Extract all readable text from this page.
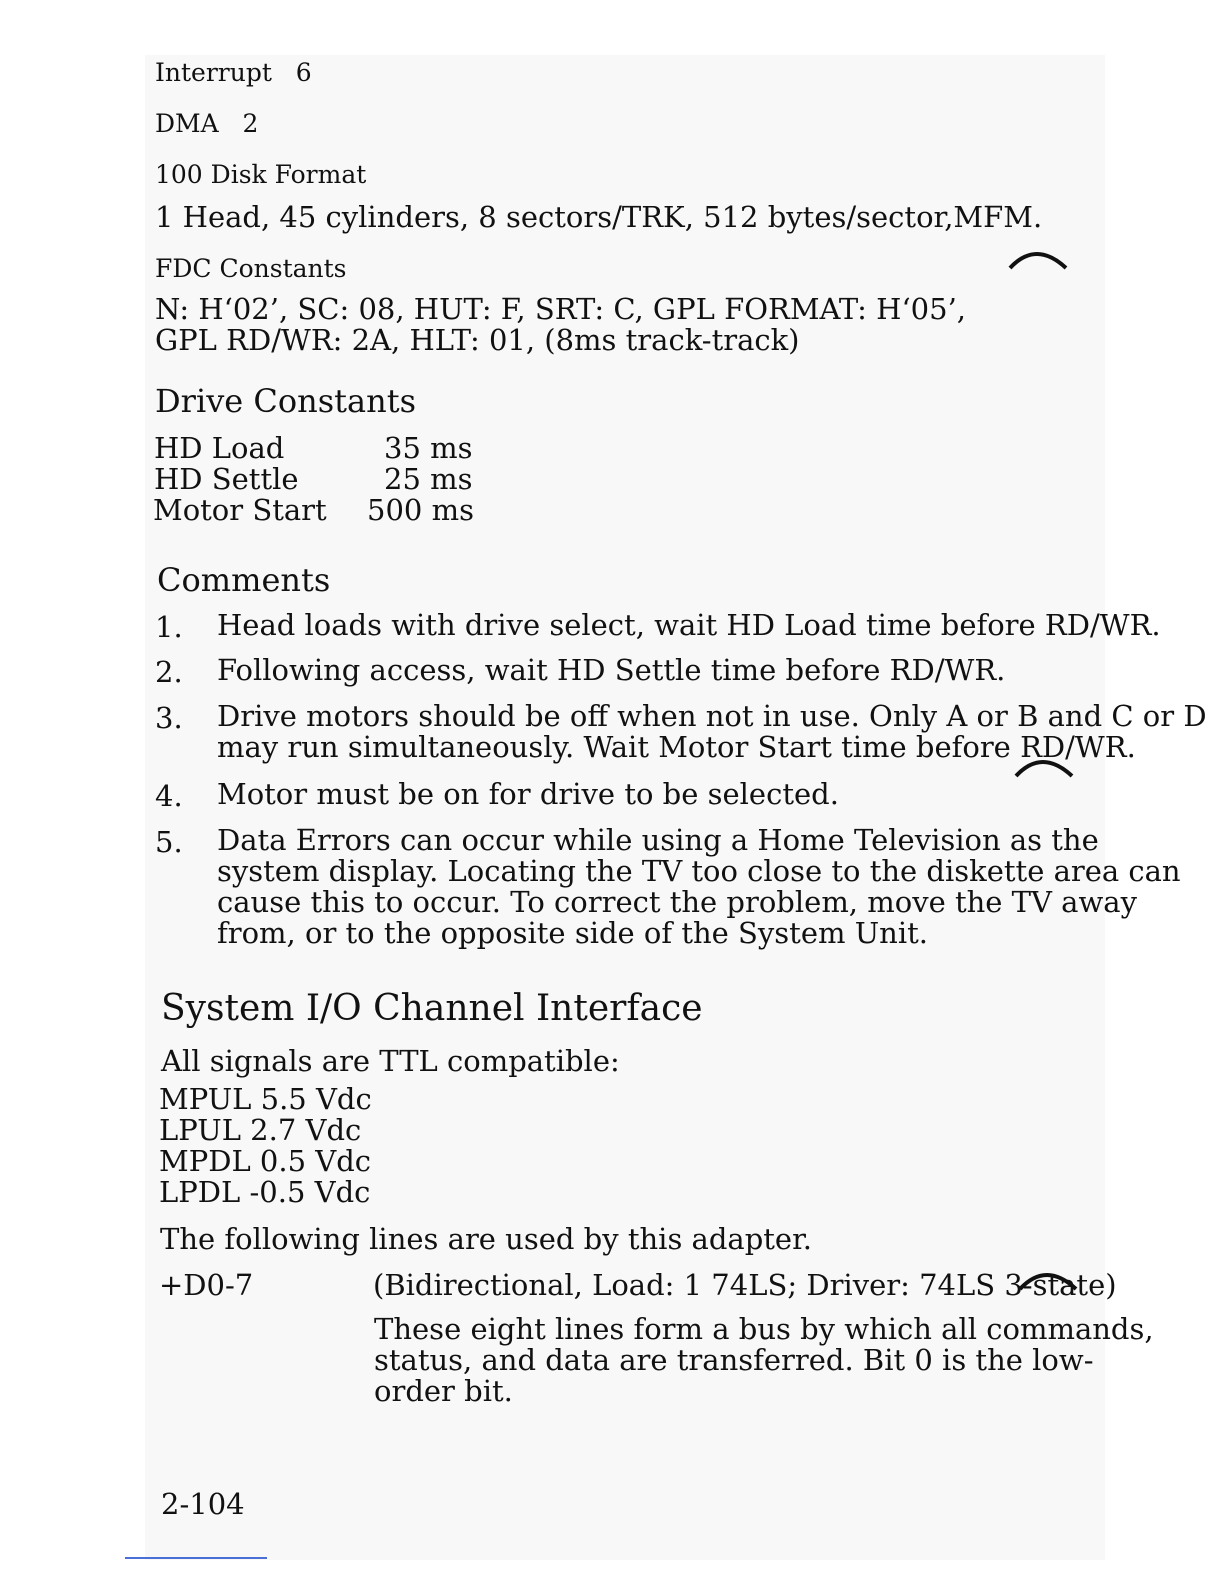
Interrupt 6
DMA 2
100 Disk Format
1 Head, 45 cylinders, 8 sectors/TRK, 512 bytes/sector,MFM.
FDC Constants
N: H‘02’, SC: 08, HUT: F, SRT: C, GPL FORMAT: H‘05’,
GPL RD/WR: 2A, HLT: 01, (8ms track-track)
Drive Constants
HD Load	35 ms
HD Settle	25 ms
Motor Start 500 ms
Comments
1. Head loads with drive select, wait HD Load time before RD/WR.
2. Following access, wait HD Settle time before RD/WR.
3. Drive motors should be off when not in use. Only A or B and C or D
may run simultaneously. Wait Motor Start time before RD/WR.
4. Motor must be on for drive to be selected.
5. Data Errors can occur while using a Home Television as the
system display. Locating the TV too close to the diskette area can
cause this to occur. To correct the problem, move the TV away
from, or to the opposite side of the System Unit.
System I/O Channel Interface
All signals are TTL compatible:
MPUL 5.5 Vdc
LPUL 2.7 Vdc
MPDL 0.5 Vdc
LPDL -0.5 Vdc
The following lines are used by this adapter.
+D0-7	(Bidirectional, Load: 1 74LS; Driver: 74LS 3-state)
These eight lines form a bus by which all commands,
status, and data are transferred. Bit 0 is the low-
order bit.
2-104
